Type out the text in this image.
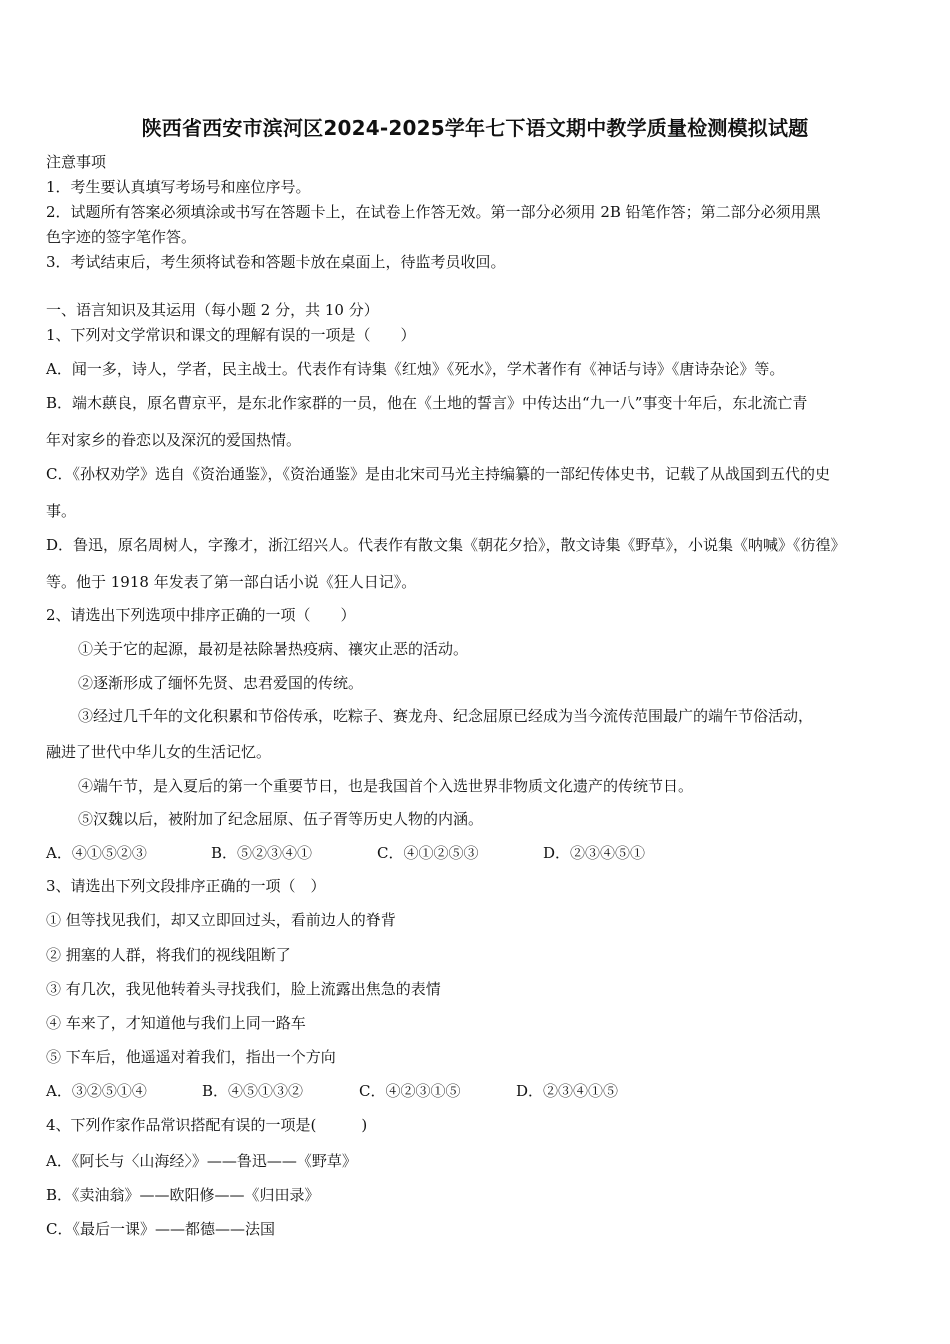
陕西省西安市滨河区2024-2025学年七下语文期中教学质量检测模拟试题
注意事项
1．考生要认真填写考场号和座位序号。
2．试题所有答案必须填涂或书写在答题卡上，在试卷上作答无效。第一部分必须用 2B 铅笔作答；第二部分必须用黑
色字迹的签字笔作答。
3．考试结束后，考生须将试卷和答题卡放在桌面上，待监考员收回。
一、语言知识及其运用（每小题 2 分，共 10 分）
1、下列对文学常识和课文的理解有误的一项是（　　）
A．闻一多，诗人，学者，民主战士。代表作有诗集《红烛》《死水》，学术著作有《神话与诗》《唐诗杂论》等。
B．端木蕻良，原名曹京平，是东北作家群的一员，他在《土地的誓言》中传达出“九一八”事变十年后，东北流亡青
年对家乡的眷恋以及深沉的爱国热情。
C．《孙权劝学》选自《资治通鉴》，《资治通鉴》是由北宋司马光主持编纂的一部纪传体史书，记载了从战国到五代的史
事。
D．鲁迅，原名周树人，字豫才，浙江绍兴人。代表作有散文集《朝花夕拾》，散文诗集《野草》，小说集《呐喊》《彷徨》
等。他于 1918 年发表了第一部白话小说《狂人日记》。
2、请选出下列选项中排序正确的一项（　　）
①关于它的起源，最初是祛除暑热疫病、禳灾止恶的活动。
②逐渐形成了缅怀先贤、忠君爱国的传统。
③经过几千年的文化积累和节俗传承，吃粽子、赛龙舟、纪念屈原已经成为当今流传范围最广的端午节俗活动，
融进了世代中华儿女的生活记忆。
④端午节，是入夏后的第一个重要节日，也是我国首个入选世界非物质文化遗产的传统节日。
⑤汉魏以后，被附加了纪念屈原、伍子胥等历史人物的内涵。
A．④①⑤②③	B．⑤②③④①	C．④①②⑤③	D．②③④⑤①
3、请选出下列文段排序正确的一项（　）
① 但等找见我们，却又立即回过头，看前边人的脊背
② 拥塞的人群，将我们的视线阻断了
③ 有几次，我见他转着头寻找我们，脸上流露出焦急的表情
④ 车来了，才知道他与我们上同一路车
⑤ 下车后，他遥遥对着我们，指出一个方向
A．③②⑤①④	B．④⑤①③②	C．④②③①⑤	D．②③④①⑤
4、下列作家作品常识搭配有误的一项是(　　　)
A．《阿长与〈山海经〉》——鲁迅——《野草》
B．《卖油翁》——欧阳修——《归田录》
C．《最后一课》——都德——法国
